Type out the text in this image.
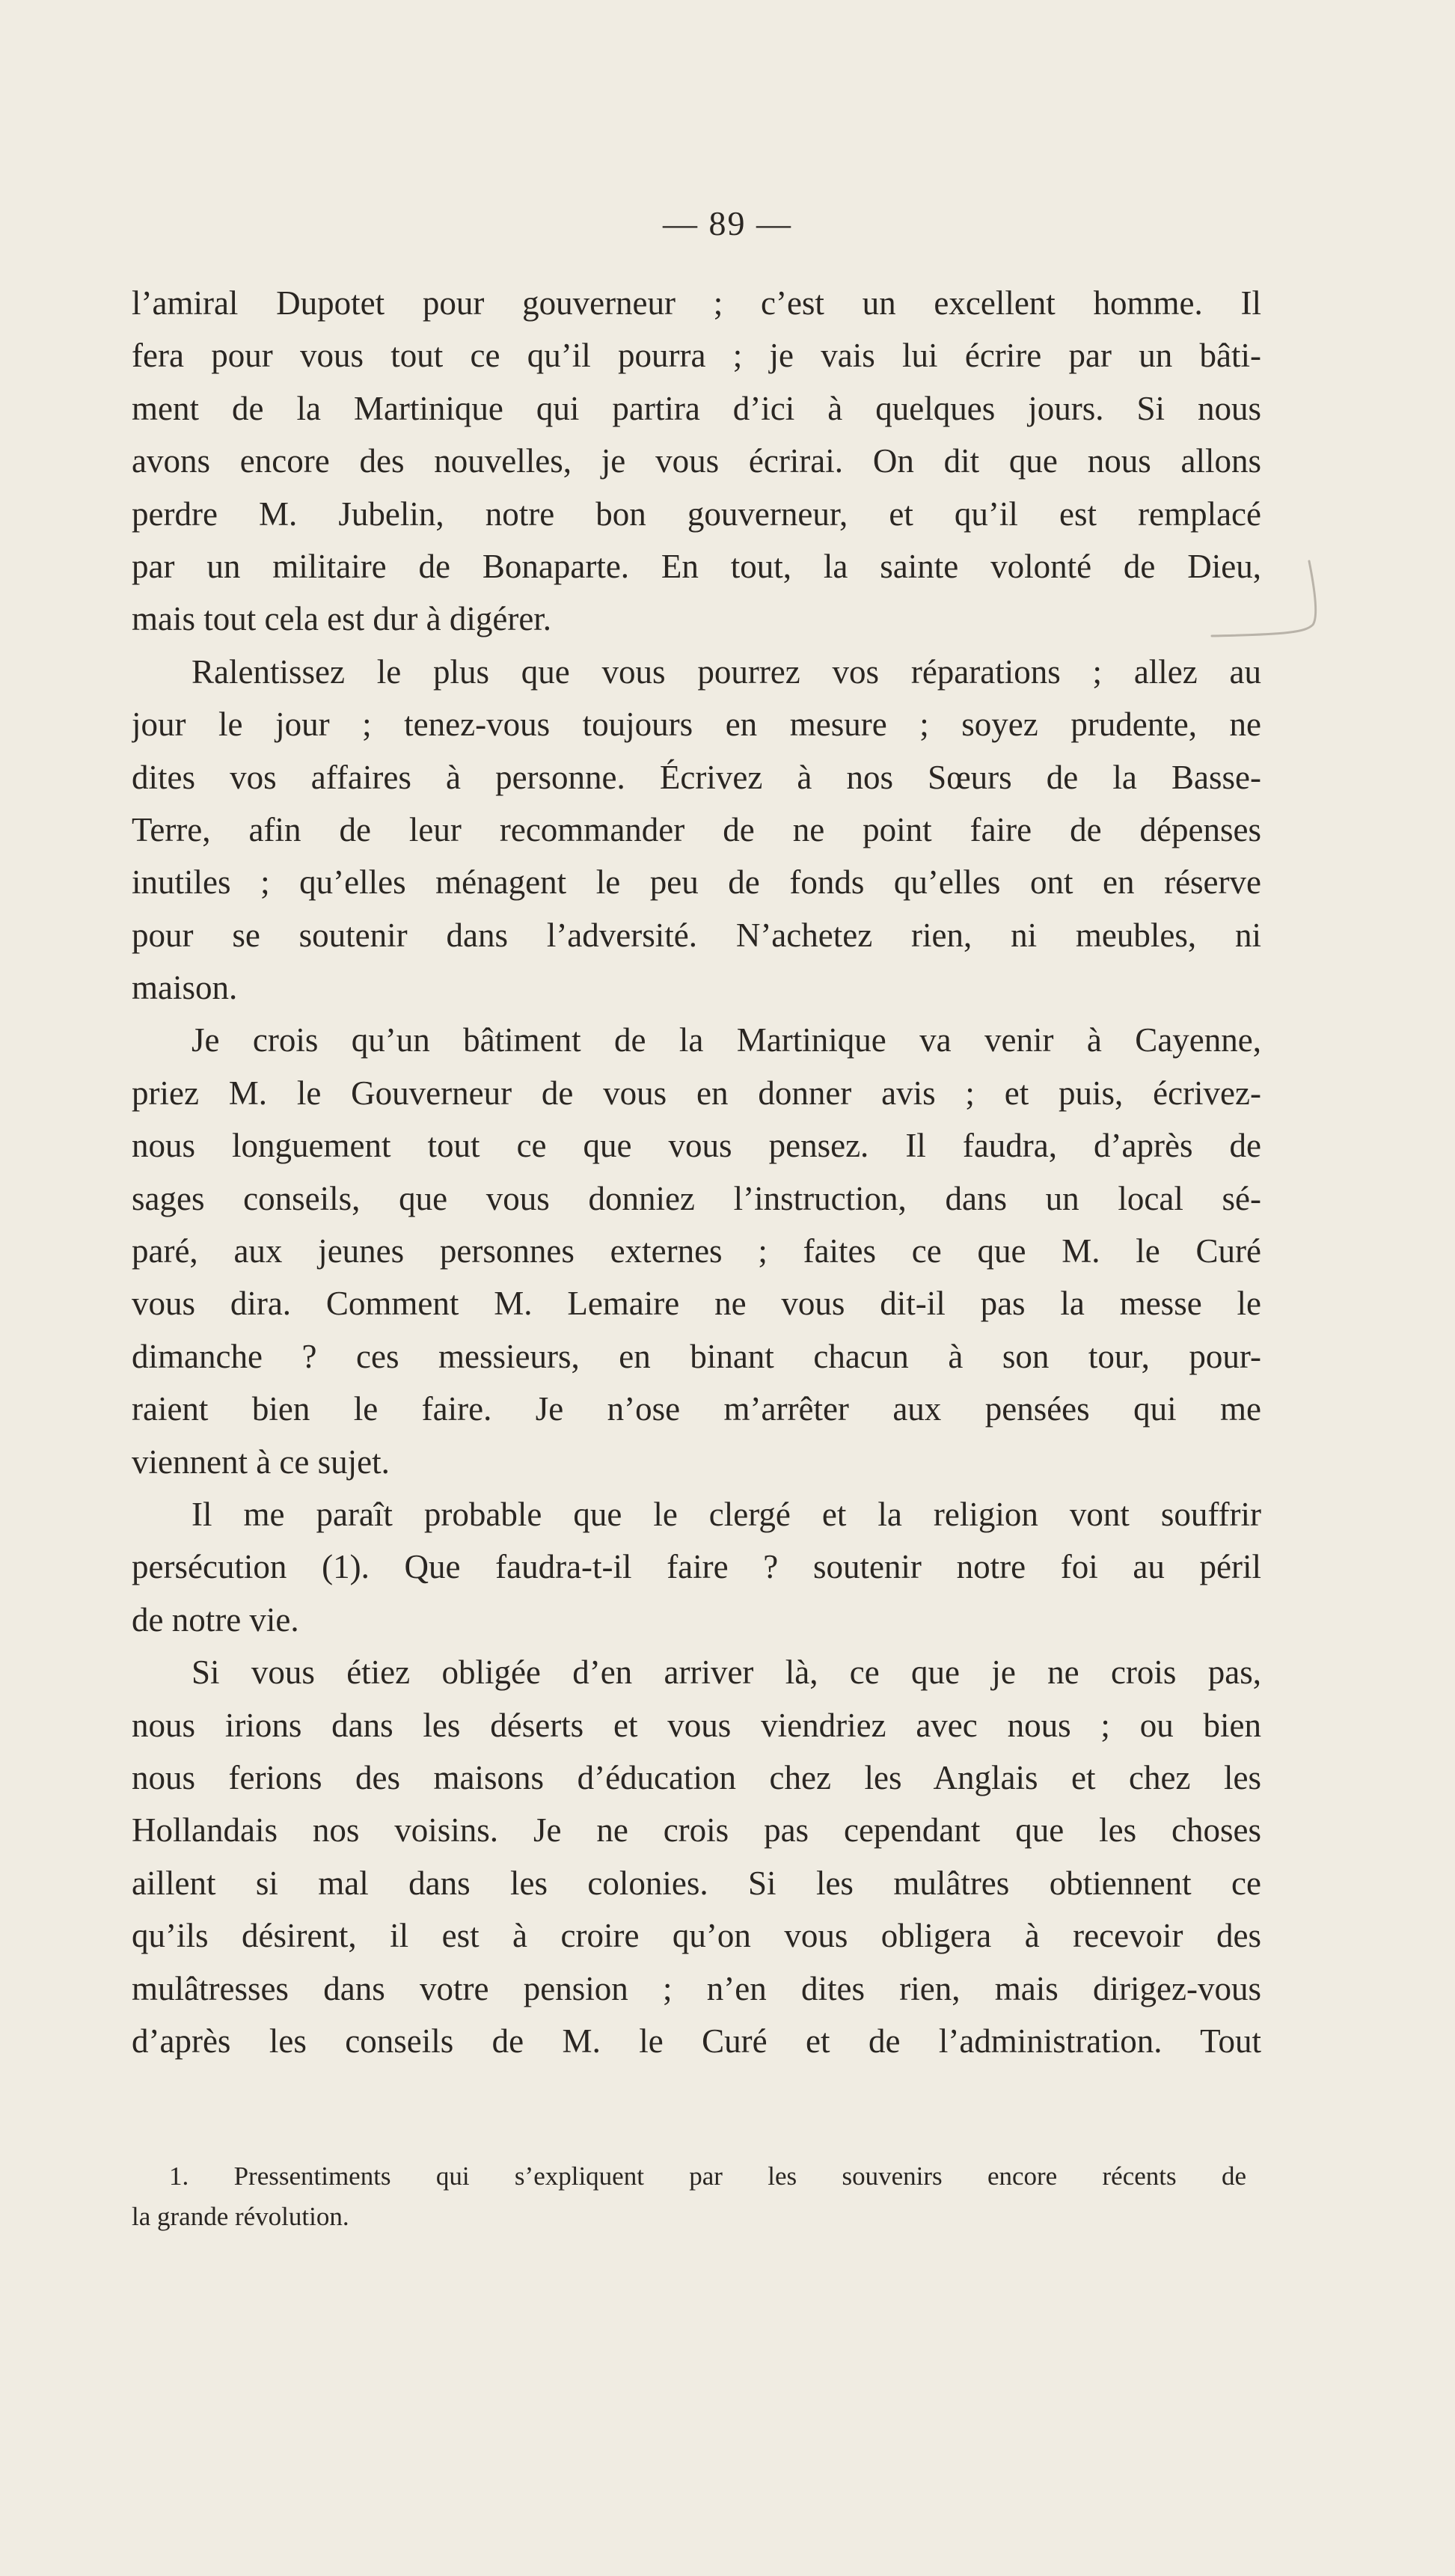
— 89 —
l’amiral Dupotet pour gouverneur ; c’est un excellent homme. Il
fera pour vous tout ce qu’il pourra ; je vais lui écrire par un bâti-
ment de la Martinique qui partira d’ici à quelques jours. Si nous
avons encore des nouvelles, je vous écrirai. On dit que nous allons
perdre M. Jubelin, notre bon gouverneur, et qu’il est remplacé
par un militaire de Bonaparte. En tout, la sainte volonté de Dieu,
mais tout cela est dur à digérer.
Ralentissez le plus que vous pourrez vos réparations ; allez au
jour le jour ; tenez-vous toujours en mesure ; soyez prudente, ne
dites vos affaires à personne. Écrivez à nos Sœurs de la Basse-
Terre, afin de leur recommander de ne point faire de dépenses
inutiles ; qu’elles ménagent le peu de fonds qu’elles ont en réserve
pour se soutenir dans l’adversité. N’achetez rien, ni meubles, ni
maison.
Je crois qu’un bâtiment de la Martinique va venir à Cayenne,
priez M. le Gouverneur de vous en donner avis ; et puis, écrivez-
nous longuement tout ce que vous pensez. Il faudra, d’après de
sages conseils, que vous donniez l’instruction, dans un local sé-
paré, aux jeunes personnes externes ; faites ce que M. le Curé
vous dira. Comment M. Lemaire ne vous dit-il pas la messe le
dimanche ? ces messieurs, en binant chacun à son tour, pour-
raient bien le faire. Je n’ose m’arrêter aux pensées qui me
viennent à ce sujet.
Il me paraît probable que le clergé et la religion vont souffrir
persécution (1). Que faudra-t-il faire ? soutenir notre foi au péril
de notre vie.
Si vous étiez obligée d’en arriver là, ce que je ne crois pas,
nous irions dans les déserts et vous viendriez avec nous ; ou bien
nous ferions des maisons d’éducation chez les Anglais et chez les
Hollandais nos voisins. Je ne crois pas cependant que les choses
aillent si mal dans les colonies. Si les mulâtres obtiennent ce
qu’ils désirent, il est à croire qu’on vous obligera à recevoir des
mulâtresses dans votre pension ; n’en dites rien, mais dirigez-vous
d’après les conseils de M. le Curé et de l’administration. Tout
1. Pressentiments qui s’expliquent par les souvenirs encore récents de
la grande révolution.
